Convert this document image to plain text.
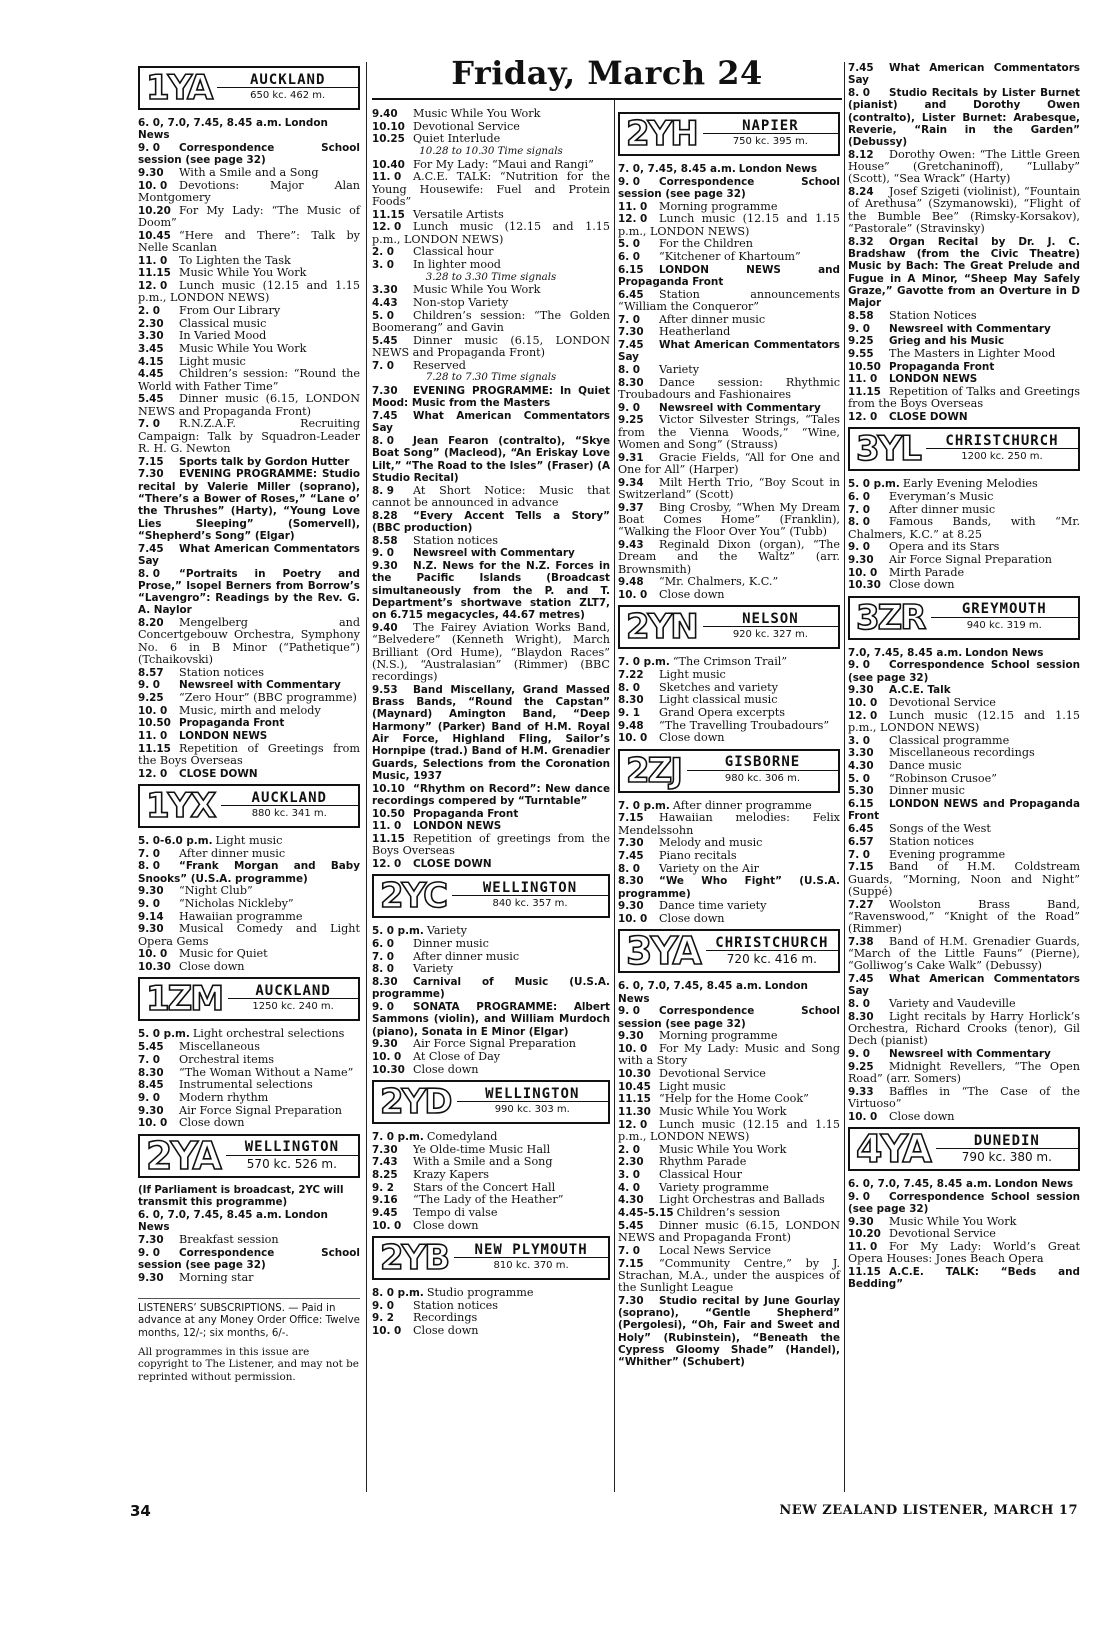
Friday, March 24
1YA	AUCKLAND
650 kc. 462 m.
6. 0, 7.0, 7.45, 8.45 a.m. London News
9. 0 Correspondence School session (see page 32)
9.30 With a Smile and a Song
10. 0 Devotions: Major Alan Montgomery
10.20 For My Lady: “The Music of Doom”
10.45 “Here and There”: Talk by Nelle Scanlan
11. 0 To Lighten the Task
11.15 Music While You Work
12. 0 Lunch music (12.15 and 1.15 p.m., LONDON NEWS)
2. 0 From Our Library
2.30 Classical music
3.30 In Varied Mood
3.45 Music While You Work
4.15 Light music
4.45 Children’s session: “Round the World with Father Time”
5.45 Dinner music (6.15, LONDON NEWS and Propaganda Front)
7. 0 R.N.Z.A.F. Recruiting Campaign: Talk by Squadron-Leader R. H. G. Newton
7.15 Sports talk by Gordon Hutter
7.30 EVENING PROGRAMME: Studio recital by Valerie Miller (soprano), “There’s a Bower of Roses,” “Lane o’ the Thrushes” (Harty), “Young Love Lies Sleeping” (Somervell), “Shepherd’s Song” (Elgar)
7.45 What American Commentators Say
8. 0 “Portraits in Poetry and Prose,” Isopel Berners from Borrow’s “Lavengro”: Readings by the Rev. G. A. Naylor
8.20 Mengelberg and Concertgebouw Orchestra, Symphony No. 6 in B Minor (“Pathetique”) (Tchaikovski)
8.57 Station notices
9. 0 Newsreel with Commentary
9.25 “Zero Hour” (BBC programme)
10. 0 Music, mirth and melody
10.50 Propaganda Front
11. 0 LONDON NEWS
11.15 Repetition of Greetings from the Boys Overseas
12. 0 CLOSE DOWN
1YX	AUCKLAND
880 kc. 341 m.
5. 0-6.0 p.m. Light music
7. 0 After dinner music
8. 0 “Frank Morgan and Baby Snooks” (U.S.A. programme)
9.30 “Night Club”
9. 0 “Nicholas Nickleby”
9.14 Hawaiian programme
9.30 Musical Comedy and Light Opera Gems
10. 0 Music for Quiet
10.30 Close down
1ZM	AUCKLAND
1250 kc. 240 m.
5. 0 p.m. Light orchestral selections
5.45 Miscellaneous
7. 0 Orchestral items
8.30 “The Woman Without a Name”
8.45 Instrumental selections
9. 0 Modern rhythm
9.30 Air Force Signal Preparation
10. 0 Close down
2YA	WELLINGTON
570 kc. 526 m.
(If Parliament is broadcast, 2YC will transmit this programme)
6. 0, 7.0, 7.45, 8.45 a.m. London News
7.30 Breakfast session
9. 0 Correspondence School session (see page 32)
9.30 Morning star
LISTENERS’ SUBSCRIPTIONS. — Paid in advance at any Money Order Office: Twelve months, 12/-; six months, 6/-.
All programmes in this issue are copyright to The Listener, and may not be reprinted without permission.
9.40 Music While You Work
10.10 Devotional Service
10.25 Quiet Interlude
10.28 to 10.30 Time signals
10.40 For My Lady: “Maui and Rangi”
11. 0 A.C.E. TALK: “Nutrition for the Young Housewife: Fuel and Protein Foods”
11.15 Versatile Artists
12. 0 Lunch music (12.15 and 1.15 p.m., LONDON NEWS)
2. 0 Classical hour
3. 0 In lighter mood
3.28 to 3.30 Time signals
3.30 Music While You Work
4.43 Non-stop Variety
5. 0 Children’s session: “The Golden Boomerang” and Gavin
5.45 Dinner music (6.15, LONDON NEWS and Propaganda Front)
7. 0 Reserved
7.28 to 7.30 Time signals
7.30 EVENING PROGRAMME: In Quiet Mood: Music from the Masters
7.45 What American Commentators Say
8. 0 Jean Fearon (contralto), “Skye Boat Song” (Macleod), “An Eriskay Love Lilt,” “The Road to the Isles” (Fraser) (A Studio Recital)
8. 9 At Short Notice: Music that cannot be announced in advance
8.28 “Every Accent Tells a Story” (BBC production)
8.58 Station notices
9. 0 Newsreel with Commentary
9.30 N.Z. News for the N.Z. Forces in the Pacific Islands (Broadcast simultaneously from the P. and T. Department’s shortwave station ZLT7, on 6.715 megacycles, 44.67 metres)
9.40 The Fairey Aviation Works Band, “Belvedere” (Kenneth Wright), March Brilliant (Ord Hume), “Blaydon Races” (N.S.), “Australasian” (Rimmer) (BBC recordings)
9.53 Band Miscellany, Grand Massed Brass Bands, “Round the Capstan” (Maynard) Amington Band, “Deep Harmony” (Parker) Band of H.M. Royal Air Force, Highland Fling, Sailor’s Hornpipe (trad.) Band of H.M. Grenadier Guards, Selections from the Coronation Music, 1937
10.10 “Rhythm on Record”: New dance recordings compered by “Turntable”
10.50 Propaganda Front
11. 0 LONDON NEWS
11.15 Repetition of greetings from the Boys Overseas
12. 0 CLOSE DOWN
2YC	WELLINGTON
840 kc. 357 m.
5. 0 p.m. Variety
6. 0 Dinner music
7. 0 After dinner music
8. 0 Variety
8.30 Carnival of Music (U.S.A. programme)
9. 0 SONATA PROGRAMME: Albert Sammons (violin), and William Murdoch (piano), Sonata in E Minor (Elgar)
9.30 Air Force Signal Preparation
10. 0 At Close of Day
10.30 Close down
2YD	WELLINGTON
990 kc. 303 m.
7. 0 p.m. Comedyland
7.30 Ye Olde-time Music Hall
7.43 With a Smile and a Song
8.25 Krazy Kapers
9. 2 Stars of the Concert Hall
9.16 “The Lady of the Heather”
9.45 Tempo di valse
10. 0 Close down
2YB	NEW PLYMOUTH
810 kc. 370 m.
8. 0 p.m. Studio programme
9. 0 Station notices
9. 2 Recordings
10. 0 Close down
2YH	NAPIER
750 kc. 395 m.
7. 0, 7.45, 8.45 a.m. London News
9. 0 Correspondence School session (see page 32)
11. 0 Morning programme
12. 0 Lunch music (12.15 and 1.15 p.m., LONDON NEWS)
5. 0 For the Children
6. 0 “Kitchener of Khartoum”
6.15 LONDON NEWS and Propaganda Front
6.45 Station announcements “William the Conqueror”
7. 0 After dinner music
7.30 Heatherland
7.45 What American Commentators Say
8. 0 Variety
8.30 Dance session: Rhythmic Troubadours and Fashionaires
9. 0 Newsreel with Commentary
9.25 Victor Silvester Strings, “Tales from the Vienna Woods,” “Wine, Women and Song” (Strauss)
9.31 Gracie Fields, “All for One and One for All” (Harper)
9.34 Milt Herth Trio, “Boy Scout in Switzerland” (Scott)
9.37 Bing Crosby, “When My Dream Boat Comes Home” (Franklin), “Walking the Floor Over You” (Tubb)
9.43 Reginald Dixon (organ), “The Dream and the Waltz” (arr. Brownsmith)
9.48 “Mr. Chalmers, K.C.”
10. 0 Close down
2YN	NELSON
920 kc. 327 m.
7. 0 p.m. “The Crimson Trail”
7.22 Light music
8. 0 Sketches and variety
8.30 Light classical music
9. 1 Grand Opera excerpts
9.48 “The Travelling Troubadours”
10. 0 Close down
2ZJ	GISBORNE
980 kc. 306 m.
7. 0 p.m. After dinner programme
7.15 Hawaiian melodies: Felix Mendelssohn
7.30 Melody and music
7.45 Piano recitals
8. 0 Variety on the Air
8.30 “We Who Fight” (U.S.A. programme)
9.30 Dance time variety
10. 0 Close down
3YA	CHRISTCHURCH
720 kc. 416 m.
6. 0, 7.0, 7.45, 8.45 a.m. London News
9. 0 Correspondence School session (see page 32)
9.30 Morning programme
10. 0 For My Lady: Music and Song with a Story
10.30 Devotional Service
10.45 Light music
11.15 “Help for the Home Cook”
11.30 Music While You Work
12. 0 Lunch music (12.15 and 1.15 p.m., LONDON NEWS)
2. 0 Music While You Work
2.30 Rhythm Parade
3. 0 Classical Hour
4. 0 Variety programme
4.30 Light Orchestras and Ballads
4.45-5.15 Children’s session
5.45 Dinner music (6.15, LONDON NEWS and Propaganda Front)
7. 0 Local News Service
7.15 “Community Centre,” by J. Strachan, M.A., under the auspices of the Sunlight League
7.30 Studio recital by June Gourlay (soprano), “Gentle Shepherd” (Pergolesi), “Oh, Fair and Sweet and Holy” (Rubinstein), “Beneath the Cypress Gloomy Shade” (Handel), “Whither” (Schubert)
7.45 What American Commentators Say
8. 0 Studio Recitals by Lister Burnet (pianist) and Dorothy Owen (contralto), Lister Burnet: Arabesque, Reverie, “Rain in the Garden” (Debussy)
8.12 Dorothy Owen: “The Little Green House” (Gretchaninoff), “Lullaby” (Scott), “Sea Wrack” (Harty)
8.24 Josef Szigeti (violinist), “Fountain of Arethusa” (Szymanowski), “Flight of the Bumble Bee” (Rimsky-Korsakov), “Pastorale” (Stravinsky)
8.32 Organ Recital by Dr. J. C. Bradshaw (from the Civic Theatre) Music by Bach: The Great Prelude and Fugue in A Minor, “Sheep May Safely Graze,” Gavotte from an Overture in D Major
8.58 Station Notices
9. 0 Newsreel with Commentary
9.25 Grieg and his Music
9.55 The Masters in Lighter Mood
10.50 Propaganda Front
11. 0 LONDON NEWS
11.15 Repetition of Talks and Greetings from the Boys Overseas
12. 0 CLOSE DOWN
3YL	CHRISTCHURCH
1200 kc. 250 m.
5. 0 p.m. Early Evening Melodies
6. 0 Everyman’s Music
7. 0 After dinner music
8. 0 Famous Bands, with “Mr. Chalmers, K.C.” at 8.25
9. 0 Opera and its Stars
9.30 Air Force Signal Preparation
10. 0 Mirth Parade
10.30 Close down
3ZR	GREYMOUTH
940 kc. 319 m.
7.0, 7.45, 8.45 a.m. London News
9. 0 Correspondence School session (see page 32)
9.30 A.C.E. Talk
10. 0 Devotional Service
12. 0 Lunch music (12.15 and 1.15 p.m., LONDON NEWS)
3. 0 Classical programme
3.30 Miscellaneous recordings
4.30 Dance music
5. 0 “Robinson Crusoe”
5.30 Dinner music
6.15 LONDON NEWS and Propaganda Front
6.45 Songs of the West
6.57 Station notices
7. 0 Evening programme
7.15 Band of H.M. Coldstream Guards, “Morning, Noon and Night” (Suppé)
7.27 Woolston Brass Band, “Ravenswood,” “Knight of the Road” (Rimmer)
7.38 Band of H.M. Grenadier Guards, “March of the Little Fauns” (Pierne), “Golliwog’s Cake Walk” (Debussy)
7.45 What American Commentators Say
8. 0 Variety and Vaudeville
8.30 Light recitals by Harry Horlick’s Orchestra, Richard Crooks (tenor), Gil Dech (pianist)
9. 0 Newsreel with Commentary
9.25 Midnight Revellers, “The Open Road” (arr. Somers)
9.33 Baffles in “The Case of the Virtuoso”
10. 0 Close down
4YA	DUNEDIN
790 kc. 380 m.
6. 0, 7.0, 7.45, 8.45 a.m. London News
9. 0 Correspondence School session (see page 32)
9.30 Music While You Work
10.20 Devotional Service
11. 0 For My Lady: World’s Great Opera Houses: Jones Beach Opera
11.15 A.C.E. TALK: “Beds and Bedding”
34	NEW ZEALAND LISTENER, MARCH 17
